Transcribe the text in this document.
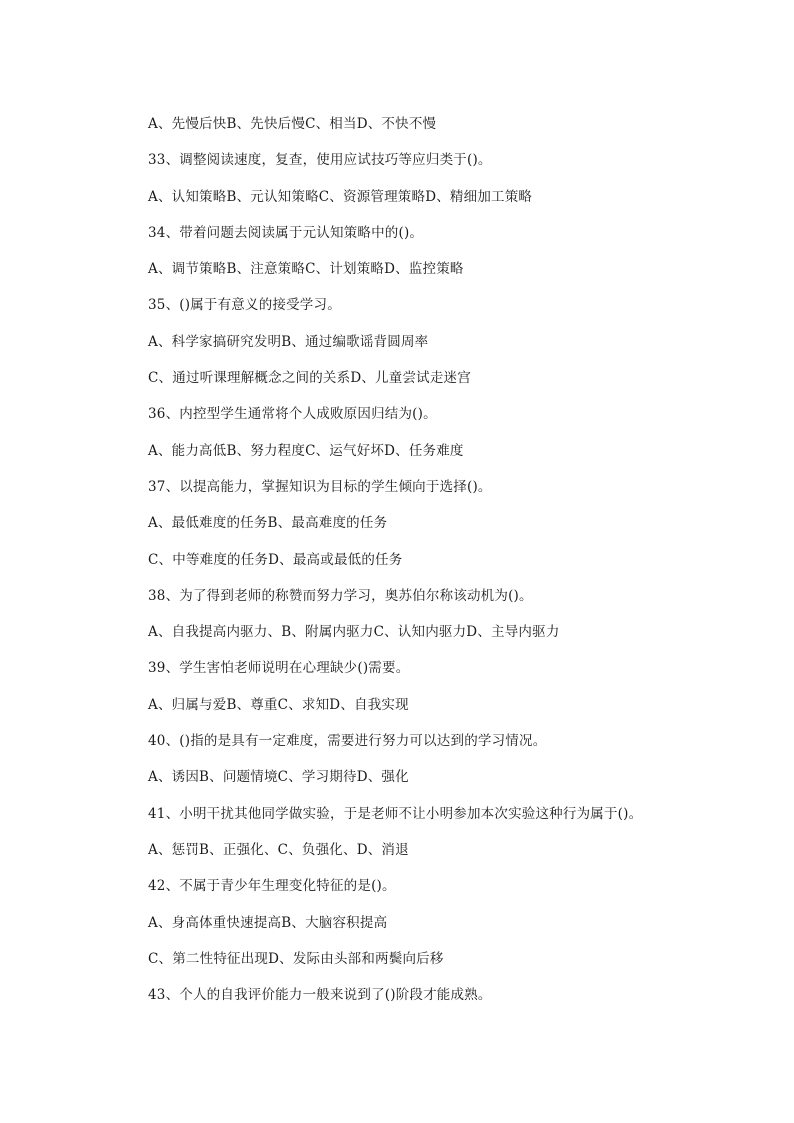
A、先慢后快B、先快后慢C、相当D、不快不慢
33、调整阅读速度，复查，使用应试技巧等应归类于()。
A、认知策略B、元认知策略C、资源管理策略D、精细加工策略
34、带着问题去阅读属于元认知策略中的()。
A、调节策略B、注意策略C、计划策略D、监控策略
35、()属于有意义的接受学习。
A、科学家搞研究发明B、通过编歌谣背圆周率
C、通过听课理解概念之间的关系D、儿童尝试走迷宫
36、内控型学生通常将个人成败原因归结为()。
A、能力高低B、努力程度C、运气好坏D、任务难度
37、以提高能力，掌握知识为目标的学生倾向于选择()。
A、最低难度的任务B、最高难度的任务
C、中等难度的任务D、最高或最低的任务
38、为了得到老师的称赞而努力学习，奥苏伯尔称该动机为()。
A、自我提高内驱力、B、附属内驱力C、认知内驱力D、主导内驱力
39、学生害怕老师说明在心理缺少()需要。
A、归属与爱B、尊重C、求知D、自我实现
40、()指的是具有一定难度，需要进行努力可以达到的学习情况。
A、诱因B、问题情境C、学习期待D、强化
41、小明干扰其他同学做实验，于是老师不让小明参加本次实验这种行为属于()。
A、惩罚B、正强化、C、负强化、D、消退
42、不属于青少年生理变化特征的是()。
A、身高体重快速提高B、大脑容积提高
C、第二性特征出现D、发际由头部和两鬓向后移
43、个人的自我评价能力一般来说到了()阶段才能成熟。
